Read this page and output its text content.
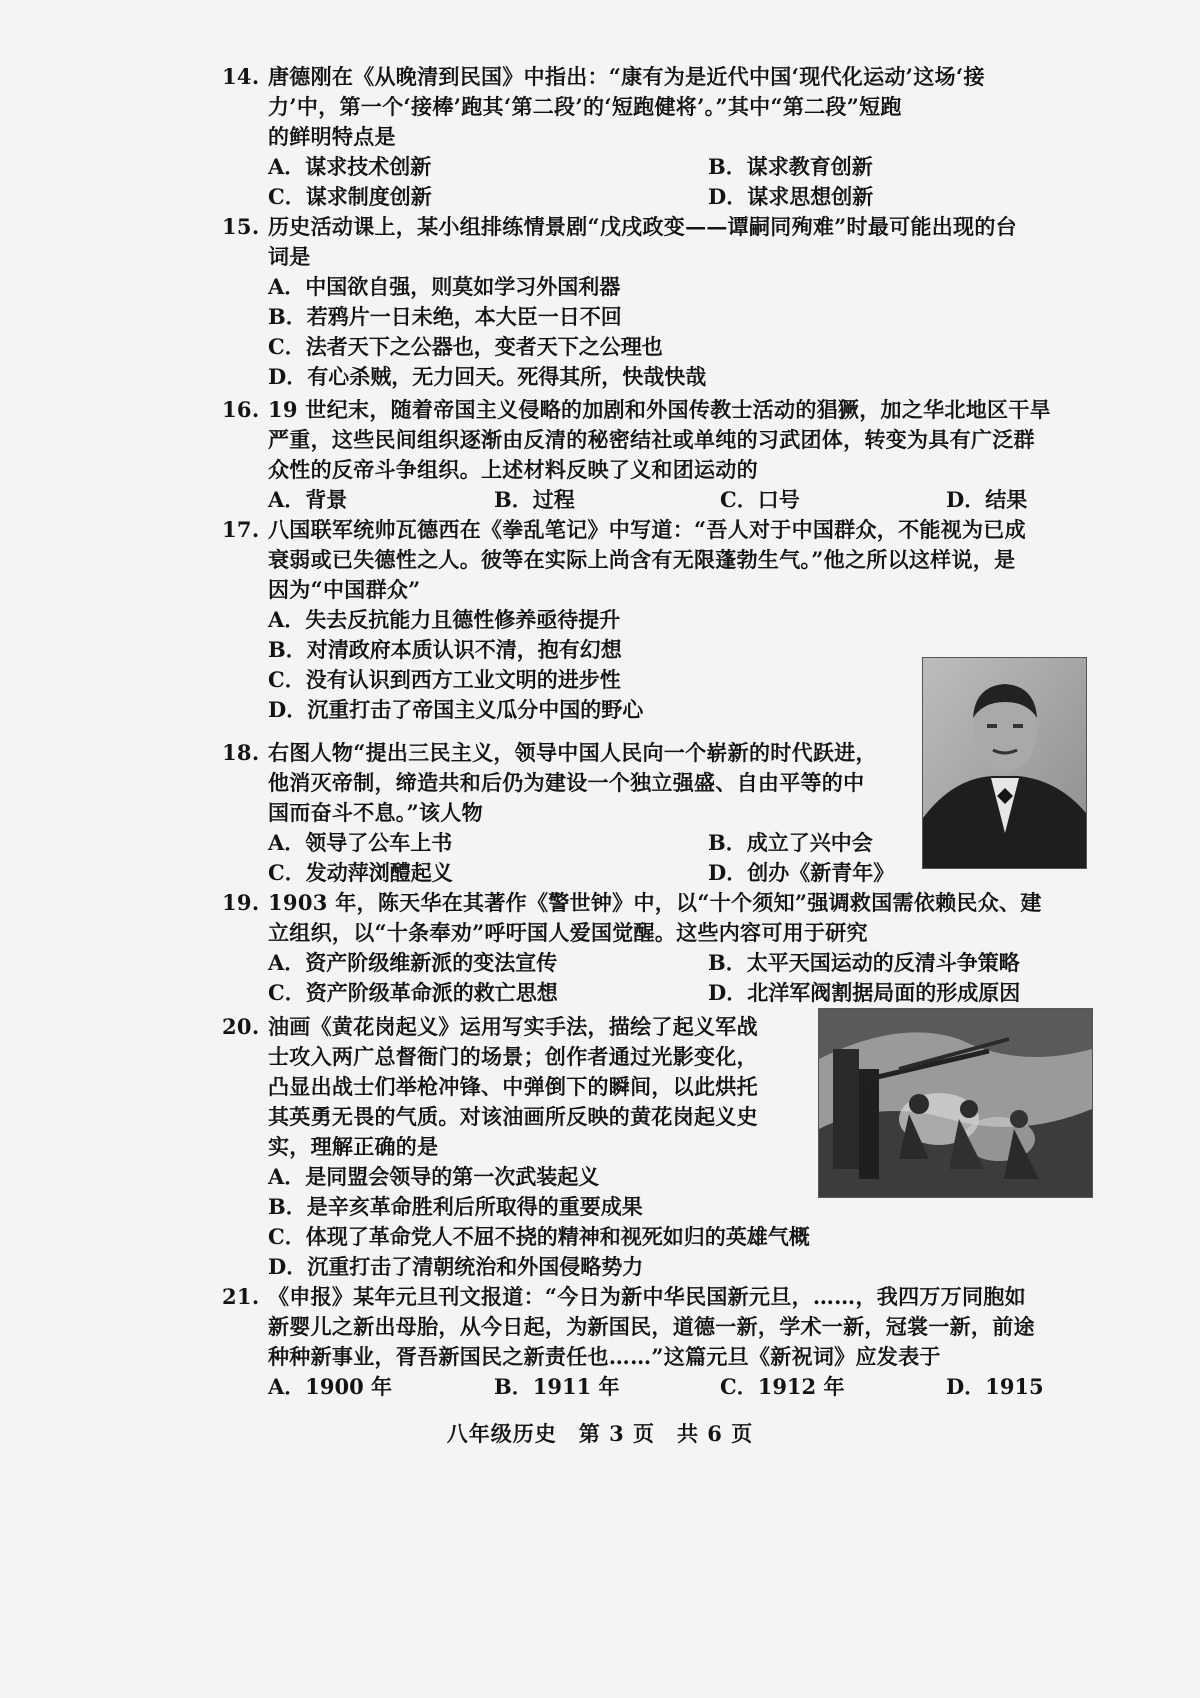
14. 唐德刚在《从晚清到民国》中指出：“康有为是近代中国‘现代化运动’这场‘接
力’中，第一个‘接棒’跑其‘第二段’的‘短跑健将’。”其中“第二段”短跑
的鲜明特点是
A．谋求技术创新	B．谋求教育创新
C．谋求制度创新	D．谋求思想创新
15. 历史活动课上，某小组排练情景剧“戊戌政变——谭嗣同殉难”时最可能出现的台
词是
A．中国欲自强，则莫如学习外国利器
B．若鸦片一日未绝，本大臣一日不回
C．法者天下之公器也，变者天下之公理也
D．有心杀贼，无力回天。死得其所，快哉快哉
16. 19 世纪末，随着帝国主义侵略的加剧和外国传教士活动的猖獗，加之华北地区干旱
严重，这些民间组织逐渐由反清的秘密结社或单纯的习武团体，转变为具有广泛群
众性的反帝斗争组织。上述材料反映了义和团运动的
A．背景	B．过程	C．口号	D．结果
17. 八国联军统帅瓦德西在《拳乱笔记》中写道：“吾人对于中国群众，不能视为已成
衰弱或已失德性之人。彼等在实际上尚含有无限蓬勃生气。”他之所以这样说，是
因为“中国群众”
A．失去反抗能力且德性修养亟待提升
B．对清政府本质认识不清，抱有幻想
C．没有认识到西方工业文明的进步性
D．沉重打击了帝国主义瓜分中国的野心
18. 右图人物“提出三民主义，领导中国人民向一个崭新的时代跃进，
他消灭帝制，缔造共和后仍为建设一个独立强盛、自由平等的中
国而奋斗不息。”该人物
A．领导了公车上书	B．成立了兴中会
C．发动萍浏醴起义	D．创办《新青年》
19. 1903 年，陈天华在其著作《警世钟》中，以“十个须知”强调救国需依赖民众、建
立组织，以“十条奉劝”呼吁国人爱国觉醒。这些内容可用于研究
A．资产阶级维新派的变法宣传	B．太平天国运动的反清斗争策略
C．资产阶级革命派的救亡思想	D．北洋军阀割据局面的形成原因
20. 油画《黄花岗起义》运用写实手法，描绘了起义军战
士攻入两广总督衙门的场景；创作者通过光影变化，
凸显出战士们举枪冲锋、中弹倒下的瞬间，以此烘托
其英勇无畏的气质。对该油画所反映的黄花岗起义史
实，理解正确的是
A．是同盟会领导的第一次武装起义
B．是辛亥革命胜利后所取得的重要成果
C．体现了革命党人不屈不挠的精神和视死如归的英雄气概
D．沉重打击了清朝统治和外国侵略势力
21. 《申报》某年元旦刊文报道：“今日为新中华民国新元旦，……，我四万万同胞如
新婴儿之新出母胎，从今日起，为新国民，道德一新，学术一新，冠裳一新，前途
种种新事业，胥吾新国民之新责任也……”这篇元旦《新祝词》应发表于
A．1900 年	B．1911 年	C．1912 年	D．1915
八年级历史　第 3 页　共 6 页
